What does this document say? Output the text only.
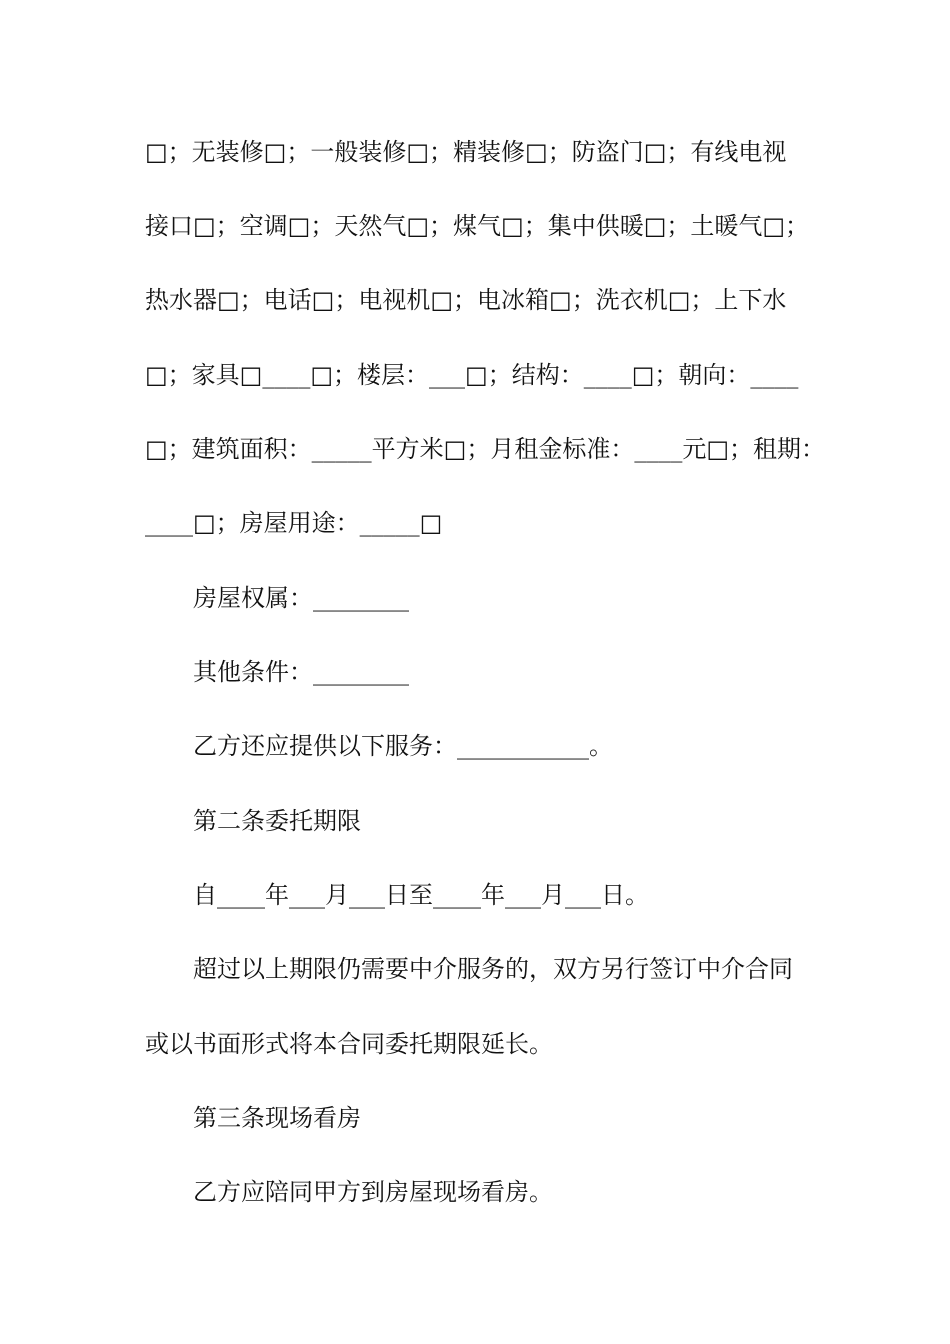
□；无装修□；一般装修□；精装修□；防盗门□；有线电视
接口□；空调□；天然气□；煤气□；集中供暖□；土暖气□；
热水器□；电话□；电视机□；电冰箱□；洗衣机□；上下水
□；家具□____□；楼层：___□；结构：____□；朝向：____
□；建筑面积：_____平方米□；月租金标准：____元□；租期：
____□；房屋用途：_____□
房屋权属：________
其他条件：________
乙方还应提供以下服务：___________。
第二条委托期限
自____年___月___日至____年___月___日。
超过以上期限仍需要中介服务的，双方另行签订中介合同
或以书面形式将本合同委托期限延长。
第三条现场看房
乙方应陪同甲方到房屋现场看房。
